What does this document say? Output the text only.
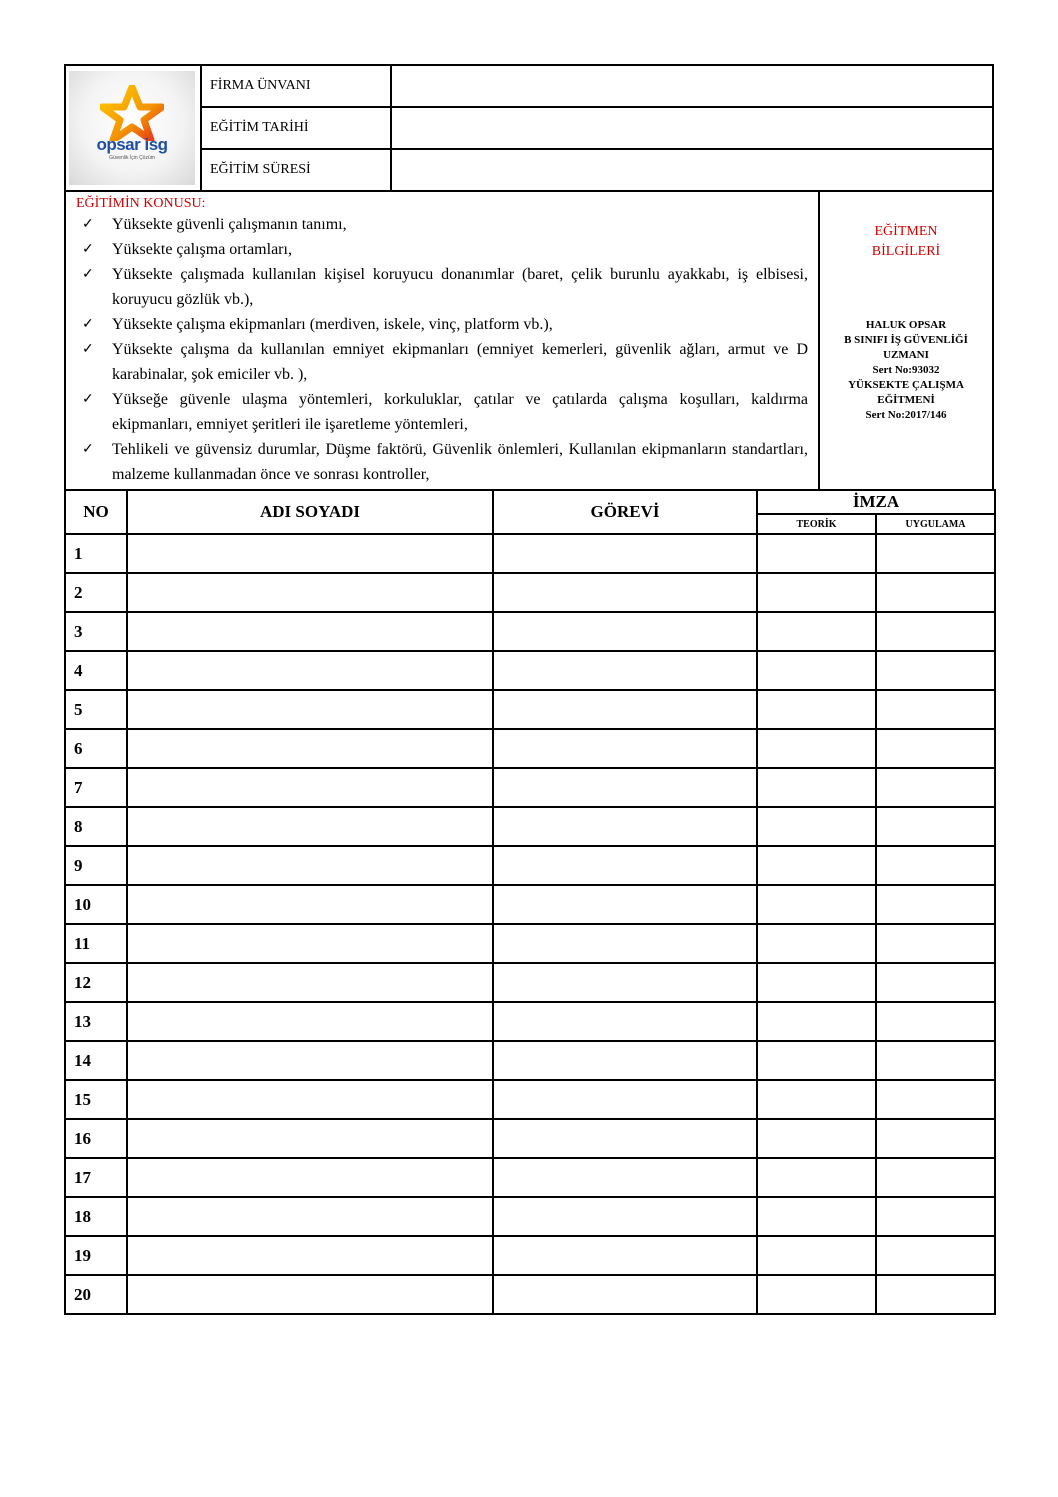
opsar isg
Güvenlik İçin Çözüm	FİRMA ÜNVANI	
	EĞİTİM TARİHİ	
	EĞİTİM SÜRESİ	
EĞİTİMİN KONUSU:
✓ Yüksekte güvenli çalışmanın tanımı,
✓ Yüksekte çalışma ortamları,
✓ Yüksekte çalışmada kullanılan kişisel koruyucu donanımlar (baret, çelik burunlu ayakkabı, iş elbisesi, koruyucu gözlük vb.),
✓ Yüksekte çalışma ekipmanları (merdiven, iskele, vinç, platform vb.),
✓ Yüksekte çalışma da kullanılan emniyet ekipmanları (emniyet kemerleri, güvenlik ağları, armut ve D karabinalar, şok emiciler vb. ),
✓ Yükseğe güvenle ulaşma yöntemleri, korkuluklar, çatılar ve çatılarda çalışma koşulları, kaldırma ekipmanları, emniyet şeritleri ile işaretleme yöntemleri,
✓ Tehlikeli ve güvensiz durumlar, Düşme faktörü, Güvenlik önlemleri, Kullanılan ekipmanların standartları, malzeme kullanmadan önce ve sonrası kontroller,

EĞİTMEN
BİLGİLERİ
HALUK OPSAR
B SINIFI İŞ GÜVENLİĞİ
UZMANI
Sert No:93032
YÜKSEKTE ÇALIŞMA
EĞİTMENİ
Sert No:2017/146
NO	ADI SOYADI	GÖREVİ	İMZA	
			TEORİK	UYGULAMA
1				
2				
3				
4				
5				
6				
7				
8				
9				
10				
11				
12				
13				
14				
15				
16				
17				
18				
19				
20				
